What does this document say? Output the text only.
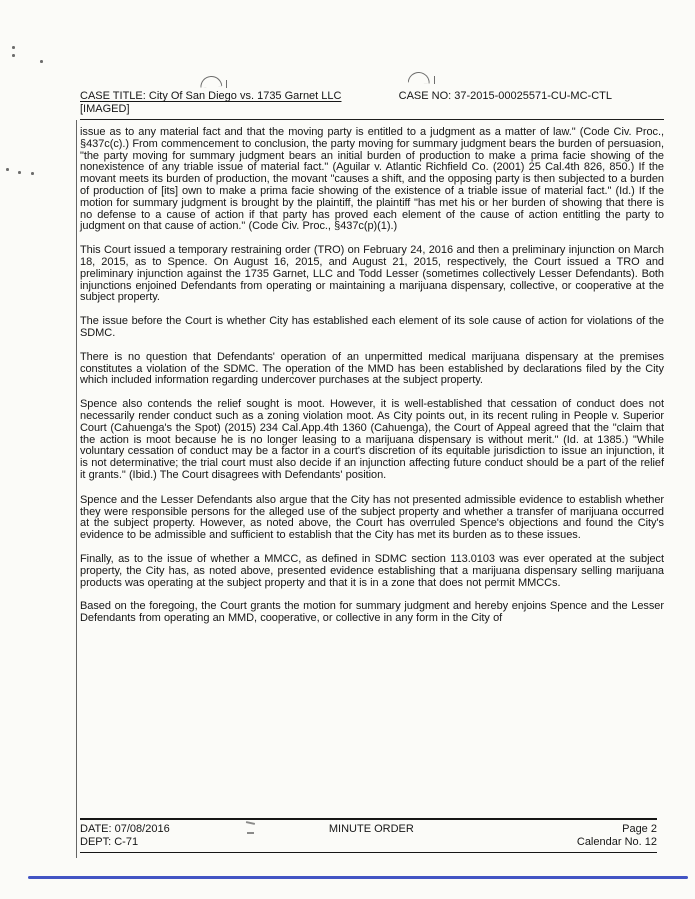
CASE TITLE: City Of San Diego vs. 1735 Garnet LLC	CASE NO: 37-2015-00025571-CU-MC-CTL
[IMAGED]

issue as to any material fact and that the moving party is entitled to a judgment as a matter of law." (Code Civ. Proc., §437c(c).) From commencement to conclusion, the party moving for summary judgment bears the burden of persuasion, "the party moving for summary judgment bears an initial burden of production to make a prima facie showing of the nonexistence of any triable issue of material fact." (Aguilar v. Atlantic Richfield Co. (2001) 25 Cal.4th 826, 850.) If the movant meets its burden of production, the movant "causes a shift, and the opposing party is then subjected to a burden of production of [its] own to make a prima facie showing of the existence of a triable issue of material fact." (Id.) If the motion for summary judgment is brought by the plaintiff, the plaintiff "has met his or her burden of showing that there is no defense to a cause of action if that party has proved each element of the cause of action entitling the party to judgment on that cause of action." (Code Civ. Proc., §437c(p)(1).)

This Court issued a temporary restraining order (TRO) on February 24, 2016 and then a preliminary injunction on March 18, 2015, as to Spence. On August 16, 2015, and August 21, 2015, respectively, the Court issued a TRO and preliminary injunction against the 1735 Garnet, LLC and Todd Lesser (sometimes collectively Lesser Defendants). Both injunctions enjoined Defendants from operating or maintaining a marijuana dispensary, collective, or cooperative at the subject property.

The issue before the Court is whether City has established each element of its sole cause of action for violations of the SDMC.

There is no question that Defendants' operation of an unpermitted medical marijuana dispensary at the premises constitutes a violation of the SDMC. The operation of the MMD has been established by declarations filed by the City which included information regarding undercover purchases at the subject property.

Spence also contends the relief sought is moot. However, it is well-established that cessation of conduct does not necessarily render conduct such as a zoning violation moot. As City points out, in its recent ruling in People v. Superior Court (Cahuenga's the Spot) (2015) 234 Cal.App.4th 1360 (Cahuenga), the Court of Appeal agreed that the "claim that the action is moot because he is no longer leasing to a marijuana dispensary is without merit." (Id. at 1385.) "While voluntary cessation of conduct may be a factor in a court's discretion of its equitable jurisdiction to issue an injunction, it is not determinative; the trial court must also decide if an injunction affecting future conduct should be a part of the relief it grants." (Ibid.) The Court disagrees with Defendants' position.

Spence and the Lesser Defendants also argue that the City has not presented admissible evidence to establish whether they were responsible persons for the alleged use of the subject property and whether a transfer of marijuana occurred at the subject property. However, as noted above, the Court has overruled Spence's objections and found the City's evidence to be admissible and sufficient to establish that the City has met its burden as to these issues.

Finally, as to the issue of whether a MMCC, as defined in SDMC section 113.0103 was ever operated at the subject property, the City has, as noted above, presented evidence establishing that a marijuana dispensary selling marijuana products was operating at the subject property and that it is in a zone that does not permit MMCCs.

Based on the foregoing, the Court grants the motion for summary judgment and hereby enjoins Spence and the Lesser Defendants from operating an MMD, cooperative, or collective in any form in the City of

DATE: 07/08/2016	MINUTE ORDER	Page 2
DEPT: C-71	Calendar No. 12
